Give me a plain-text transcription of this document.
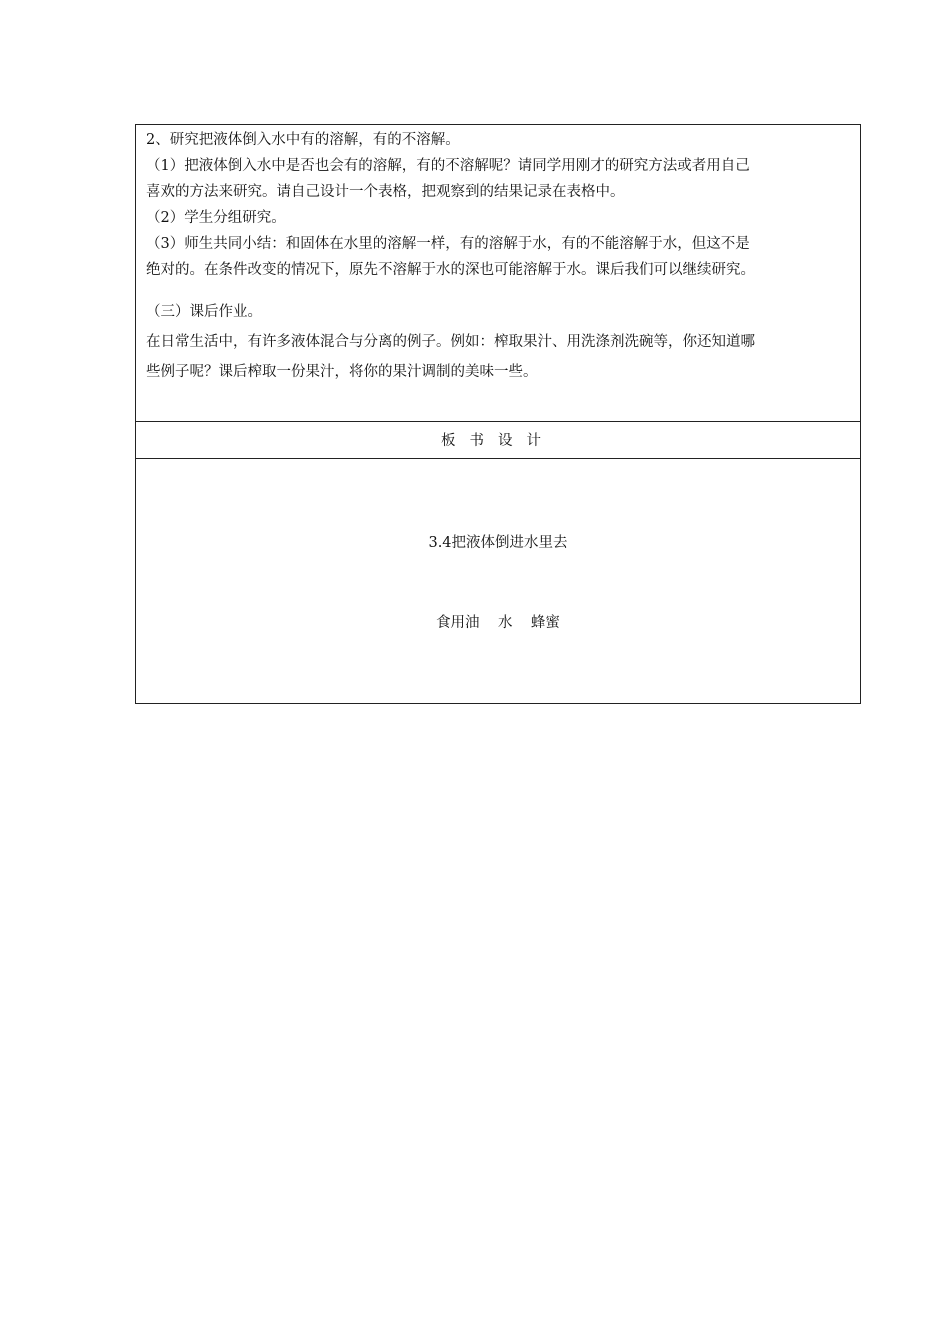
2、研究把液体倒入水中有的溶解，有的不溶解。
（1）把液体倒入水中是否也会有的溶解，有的不溶解呢？请同学用刚才的研究方法或者用自己
喜欢的方法来研究。请自己设计一个表格，把观察到的结果记录在表格中。
（2）学生分组研究。
（3）师生共同小结：和固体在水里的溶解一样，有的溶解于水，有的不能溶解于水，但这不是
绝对的。在条件改变的情况下，原先不溶解于水的深也可能溶解于水。课后我们可以继续研究。
（三）课后作业。
在日常生活中，有许多液体混合与分离的例子。例如：榨取果汁、用洗涤剂洗碗等，你还知道哪
些例子呢？课后榨取一份果汁，将你的果汁调制的美味一些。
板书设计
3.4把液体倒进水里去
食用油    水    蜂蜜
